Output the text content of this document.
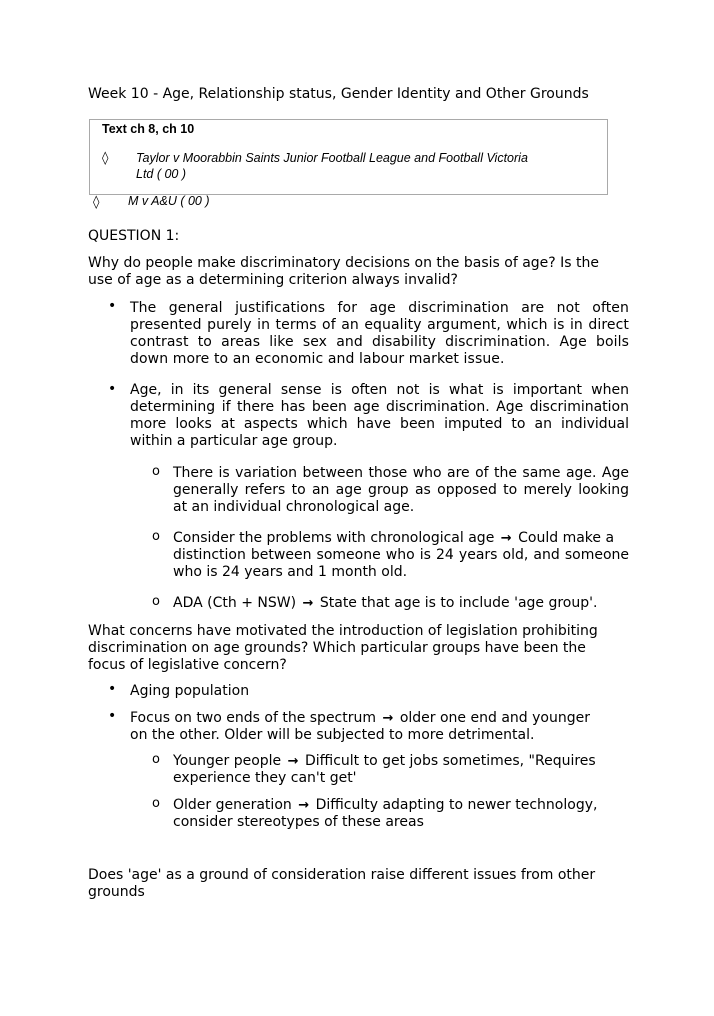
Week 10 - Age, Relationship status, Gender Identity and Other Grounds
Text ch 8, ch 10
◊ Taylor v Moorabbin Saints Junior Football League and Football Victoria
Ltd ( 00 )
◊ M v A&U ( 00 )
QUESTION 1:
Why do people make discriminatory decisions on the basis of age? Is the
use of age as a determining criterion always invalid?
• The general justifications for age discrimination are not often presented purely in terms of an equality argument, which is in direct contrast to areas like sex and disability discrimination. Age boils down more to an economic and labour market issue.
• Age, in its general sense is often not is what is important when determining if there has been age discrimination. Age discrimination more looks at aspects which have been imputed to an individual within a particular age group.
o There is variation between those who are of the same age. Age generally refers to an age group as opposed to merely looking at an individual chronological age.
o Consider the problems with chronological age → Could make a
distinction between someone who is 24 years old, and someone who is 24 years and 1 month old.
o ADA (Cth + NSW) → State that age is to include 'age group'.
What concerns have motivated the introduction of legislation prohibiting
discrimination on age grounds? Which particular groups have been the
focus of legislative concern?
• Aging population
• Focus on two ends of the spectrum → older one end and younger
on the other. Older will be subjected to more detrimental.
o Younger people → Difficult to get jobs sometimes, "Requires
experience they can't get'
o Older generation → Difficulty adapting to newer technology,
consider stereotypes of these areas
Does 'age' as a ground of consideration raise different issues from other
grounds
